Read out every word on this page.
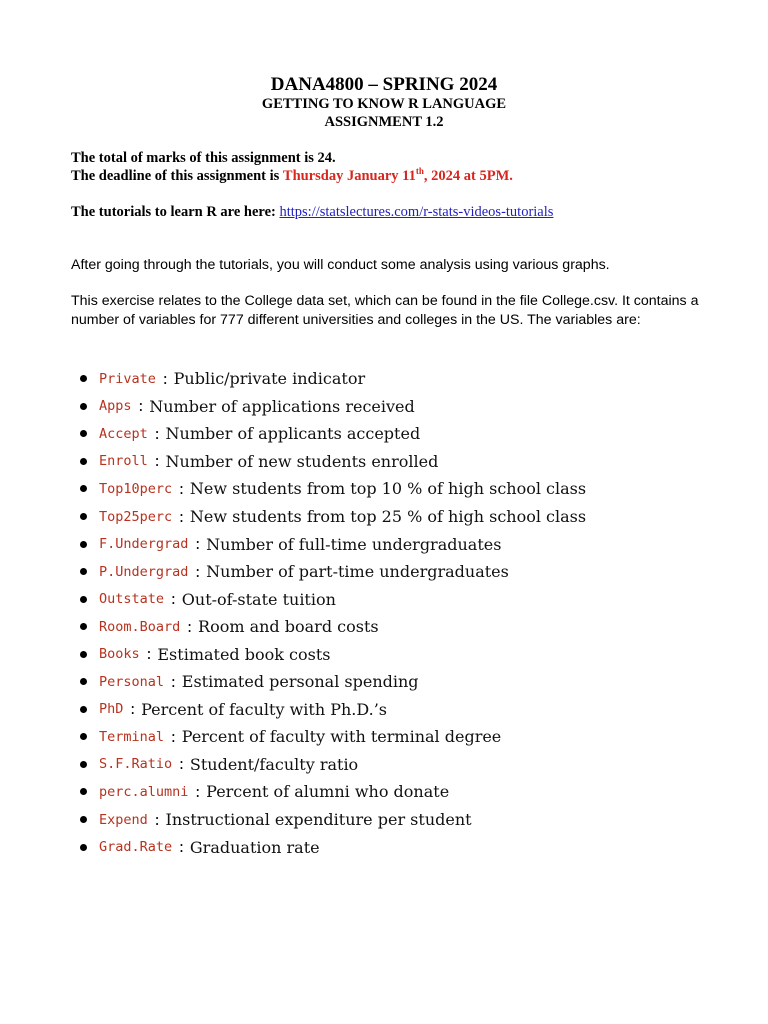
DANA4800 – SPRING 2024
GETTING TO KNOW R LANGUAGE
ASSIGNMENT 1.2
The total of marks of this assignment is 24.
The deadline of this assignment is Thursday January 11th, 2024 at 5PM.
The tutorials to learn R are here: https://statslectures.com/r-stats-videos-tutorials
After going through the tutorials, you will conduct some analysis using various graphs.
This exercise relates to the College data set, which can be found in the file College.csv. It contains a number of variables for 777 different universities and colleges in the US. The variables are:
Private : Public/private indicator
Apps : Number of applications received
Accept : Number of applicants accepted
Enroll : Number of new students enrolled
Top10perc : New students from top 10 % of high school class
Top25perc : New students from top 25 % of high school class
F.Undergrad : Number of full-time undergraduates
P.Undergrad : Number of part-time undergraduates
Outstate : Out-of-state tuition
Room.Board : Room and board costs
Books : Estimated book costs
Personal : Estimated personal spending
PhD : Percent of faculty with Ph.D.’s
Terminal : Percent of faculty with terminal degree
S.F.Ratio : Student/faculty ratio
perc.alumni : Percent of alumni who donate
Expend : Instructional expenditure per student
Grad.Rate : Graduation rate
